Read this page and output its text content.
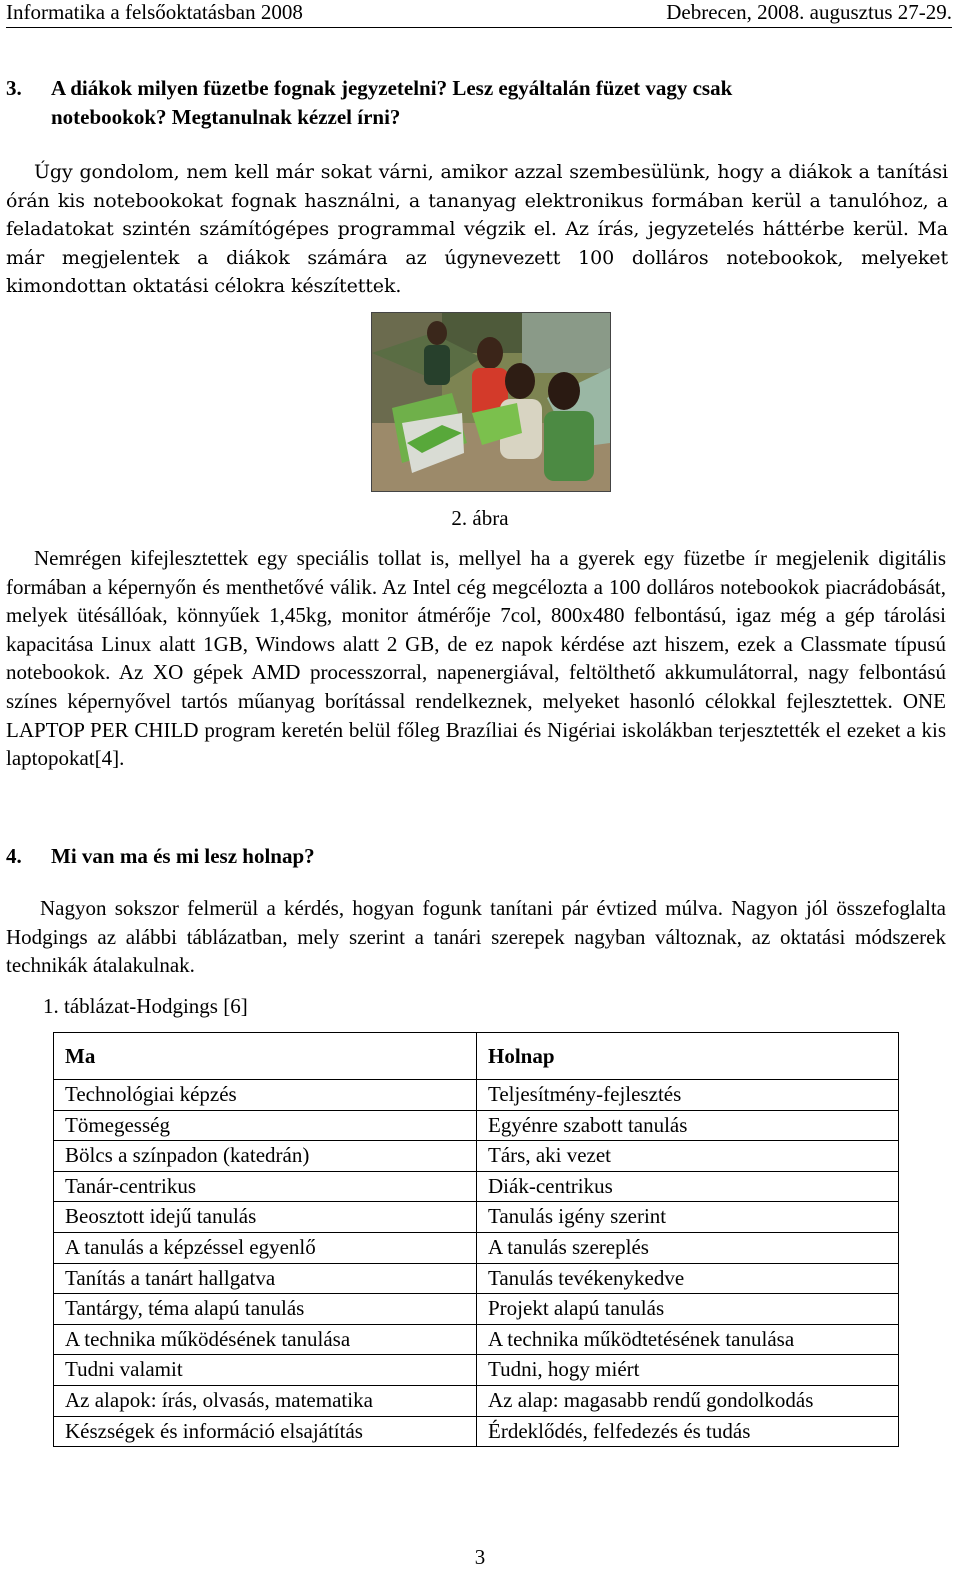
Informatika a felsőoktatásban 2008	Debrecen, 2008. augusztus 27-29.
3. A diákok milyen füzetbe fognak jegyzetelni? Lesz egyáltalán füzet vagy csak
notebookok? Megtanulnak kézzel írni?

Úgy gondolom, nem kell már sokat várni, amikor azzal szembesülünk, hogy a diákok a tanítási órán kis notebookokat fognak használni, a tananyag elektronikus formában kerül a tanulóhoz, a feladatokat szintén számítógépes programmal végzik el. Az írás, jegyzetelés háttérbe kerül. Ma már megjelentek a diákok számára az úgynevezett 100 dolláros notebookok, melyeket kimondottan oktatási célokra készítettek.

2. ábra

Nemrégen kifejlesztettek egy speciális tollat is, mellyel ha a gyerek egy füzetbe ír megjelenik digitális formában a képernyőn és menthetővé válik. Az Intel cég megcélozta a 100 dolláros notebookok piacrádobását, melyek ütésállóak, könnyűek 1,45kg, monitor átmérője 7col, 800x480 felbontású, igaz még a gép tárolási kapacitása Linux alatt 1GB, Windows alatt 2 GB, de ez napok kérdése azt hiszem, ezek a Classmate típusú notebookok. Az XO gépek AMD processzorral, napenergiával, feltölthető akkumulátorral, nagy felbontású színes képernyővel tartós műanyag borítással rendelkeznek, melyeket hasonló célokkal fejlesztettek. ONE LAPTOP PER CHILD program keretén belül főleg Brazíliai és Nigériai iskolákban terjesztették el ezeket a kis laptopokat[4].

4. Mi van ma és mi lesz holnap?

Nagyon sokszor felmerül a kérdés, hogyan fogunk tanítani pár évtized múlva. Nagyon jól összefoglalta Hodgings az alábbi táblázatban, mely szerint a tanári szerepek nagyban változnak, az oktatási módszerek technikák átalakulnak.

1. táblázat-Hodgings [6]
Ma	Holnap
Technológiai képzés	Teljesítmény-fejlesztés
Tömegesség	Egyénre szabott tanulás
Bölcs a színpadon (katedrán)	Társ, aki vezet
Tanár-centrikus	Diák-centrikus
Beosztott idejű tanulás	Tanulás igény szerint
A tanulás a képzéssel egyenlő	A tanulás szereplés
Tanítás a tanárt hallgatva	Tanulás tevékenykedve
Tantárgy, téma alapú tanulás	Projekt alapú tanulás
A technika működésének tanulása	A technika működtetésének tanulása
Tudni valamit	Tudni, hogy miért
Az alapok: írás, olvasás, matematika	Az alap: magasabb rendű gondolkodás
Készségek és információ elsajátítás	Érdeklődés, felfedezés és tudás
3
